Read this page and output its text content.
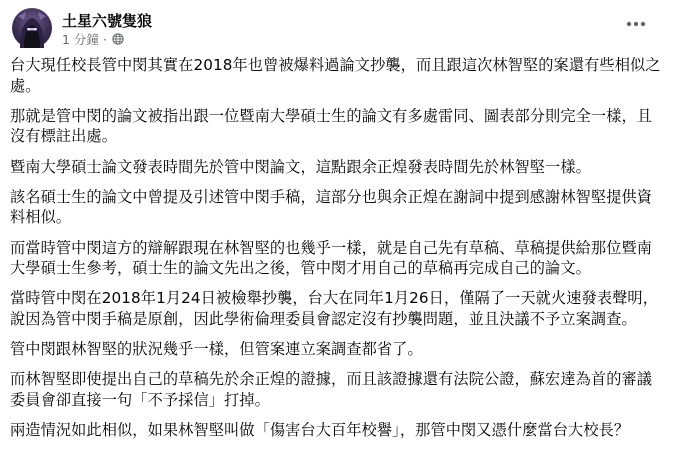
土星六號隻狼
1 分鐘 ·
台大現任校長管中閔其實在2018年也曾被爆料過論文抄襲，而且跟這次林智堅的案還有些相似之處。
那就是管中閔的論文被指出跟一位暨南大學碩士生的論文有多處雷同、圖表部分則完全一樣，且沒有標註出處。
暨南大學碩士論文發表時間先於管中閔論文，這點跟余正煌發表時間先於林智堅一樣。
該名碩士生的論文中曾提及引述管中閔手稿，這部分也與余正煌在謝詞中提到感謝林智堅提供資料相似。
而當時管中閔這方的辯解跟現在林智堅的也幾乎一樣，就是自己先有草稿、草稿提供給那位暨南大學碩士生參考，碩士生的論文先出之後，管中閔才用自己的草稿再完成自己的論文。
當時管中閔在2018年1月24日被檢舉抄襲，台大在同年1月26日，僅隔了一天就火速發表聲明，說因為管中閔手稿是原創，因此學術倫理委員會認定沒有抄襲問題，並且決議不予立案調查。
管中閔跟林智堅的狀況幾乎一樣，但管案連立案調查都省了。
而林智堅即使提出自己的草稿先於余正煌的證據，而且該證據還有法院公證，蘇宏達為首的審議委員會卻直接一句「不予採信」打掉。
兩造情況如此相似，如果林智堅叫做「傷害台大百年校譽」，那管中閔又憑什麼當台大校長？
